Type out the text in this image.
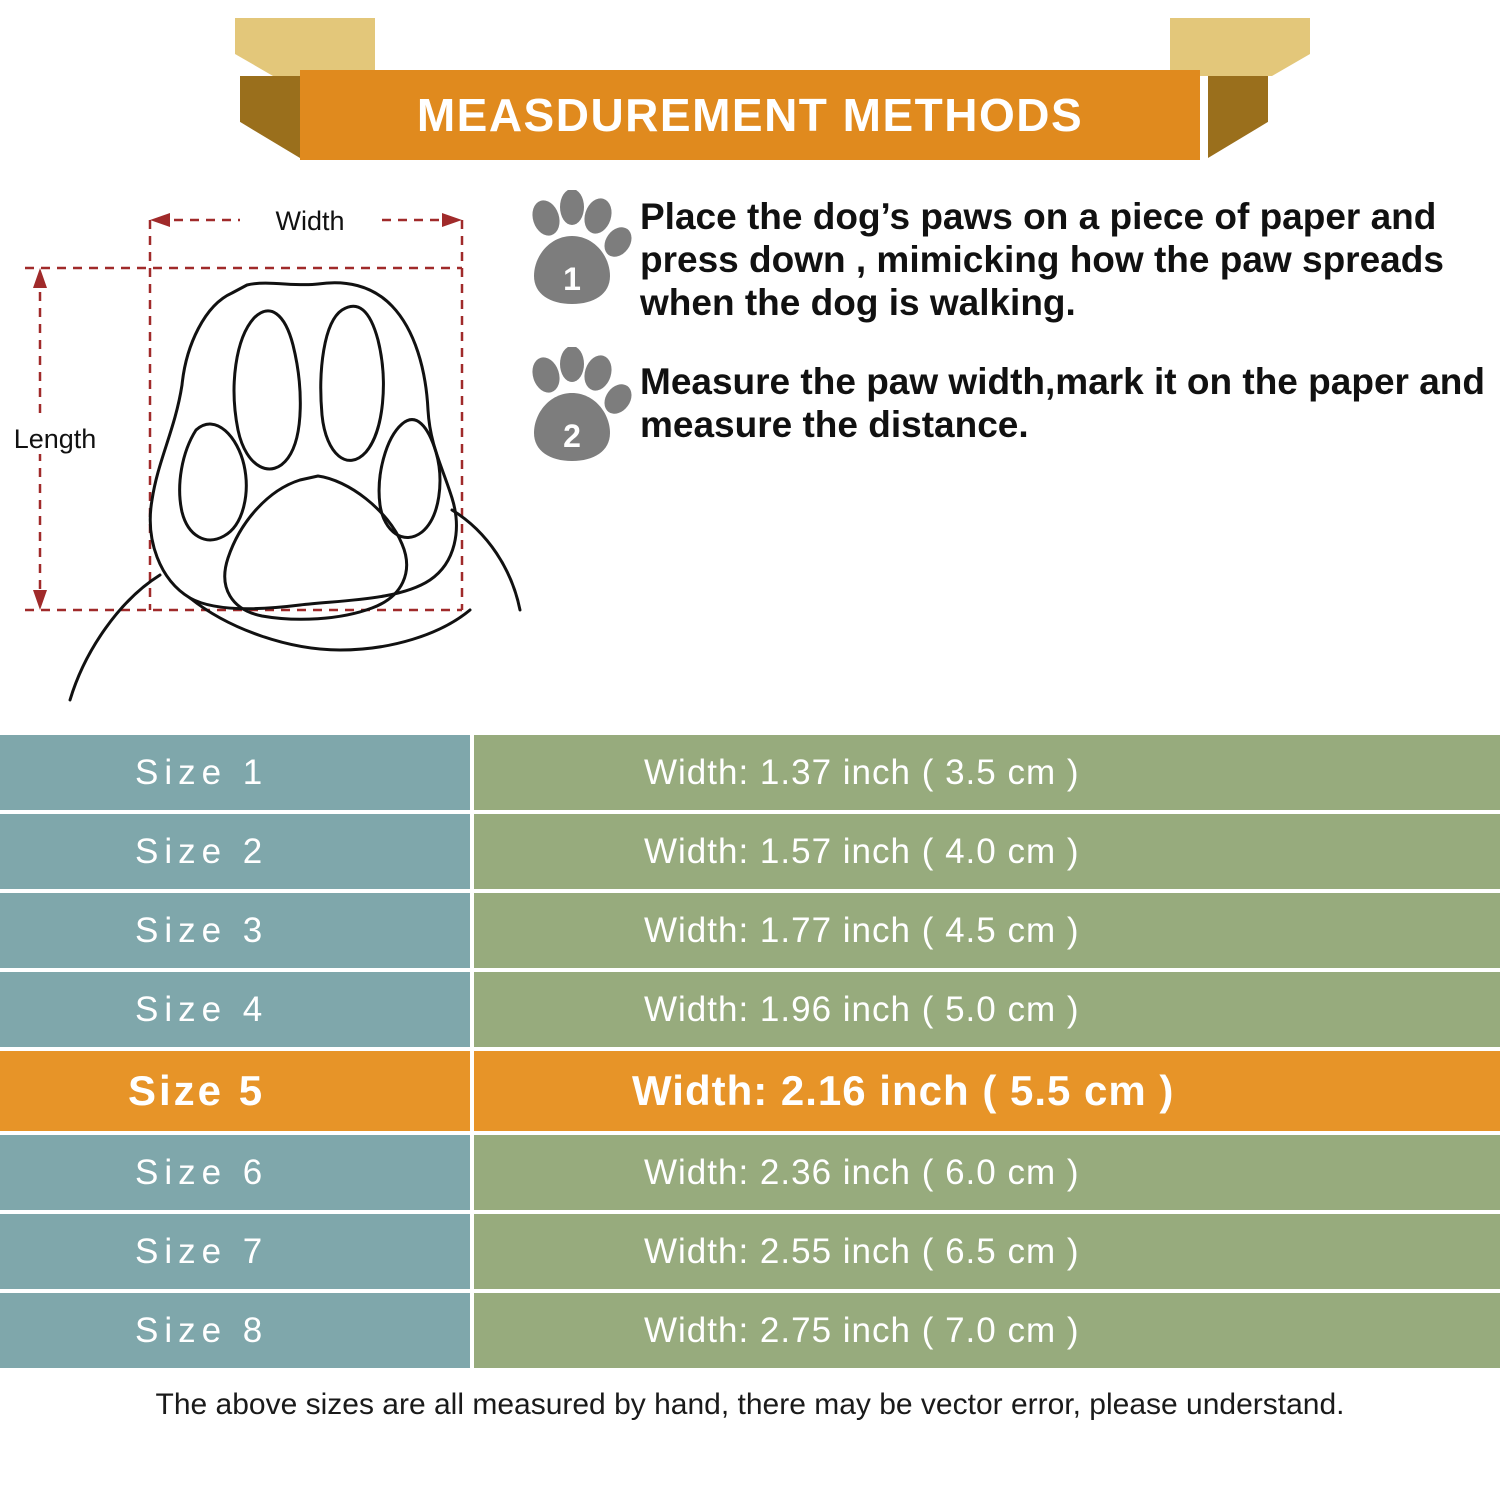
MEASDUREMENT METHODS
Width
Length
1
Place the dog’s paws on a piece of paper and press down , mimicking how the paw spreads when the dog is walking.
2
Measure the paw width,mark it on the paper and measure the distance.
Size 1	Width: 1.37 inch ( 3.5 cm )
Size 2	Width: 1.57 inch ( 4.0 cm )
Size 3	Width: 1.77 inch ( 4.5 cm )
Size 4	Width: 1.96 inch ( 5.0 cm )
Size 5	Width: 2.16 inch ( 5.5 cm )
Size 6	Width: 2.36 inch ( 6.0 cm )
Size 7	Width: 2.55 inch ( 6.5 cm )
Size 8	Width: 2.75 inch ( 7.0 cm )
The above sizes are all measured by hand, there may be vector error, please understand.
